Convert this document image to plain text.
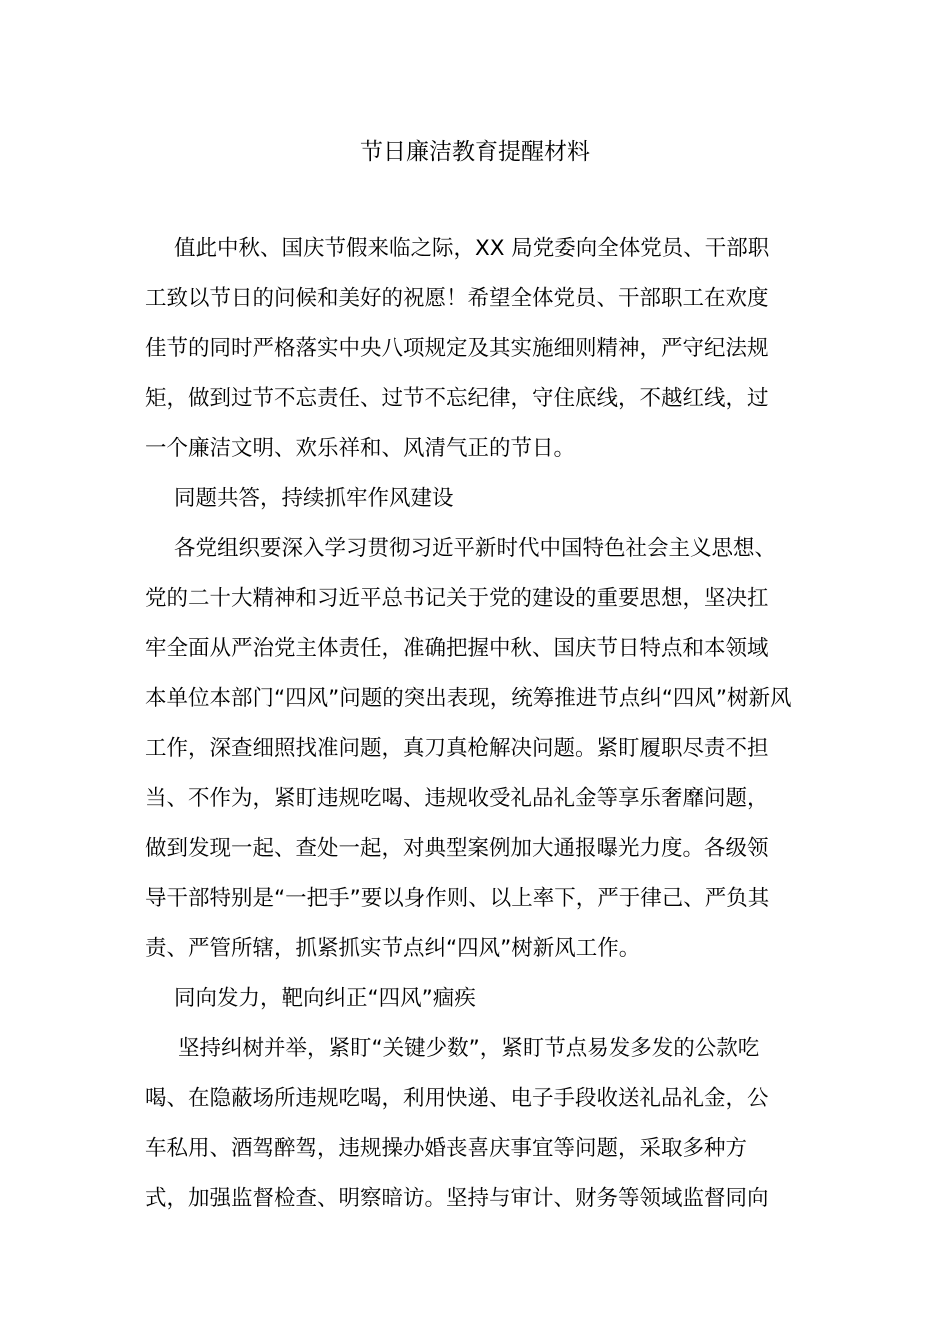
节日廉洁教育提醒材料
值此中秋、国庆节假来临之际，XX 局党委向全体党员、干部职
工致以节日的问候和美好的祝愿！希望全体党员、干部职工在欢度
佳节的同时严格落实中央八项规定及其实施细则精神，严守纪法规
矩，做到过节不忘责任、过节不忘纪律，守住底线，不越红线，过
一个廉洁文明、欢乐祥和、风清气正的节日。
同题共答，持续抓牢作风建设
各党组织要深入学习贯彻习近平新时代中国特色社会主义思想、
党的二十大精神和习近平总书记关于党的建设的重要思想，坚决扛
牢全面从严治党主体责任，准确把握中秋、国庆节日特点和本领域
本单位本部门“四风”问题的突出表现，统筹推进节点纠“四风”树新风
工作，深查细照找准问题，真刀真枪解决问题。紧盯履职尽责不担
当、不作为，紧盯违规吃喝、违规收受礼品礼金等享乐奢靡问题，
做到发现一起、查处一起，对典型案例加大通报曝光力度。各级领
导干部特别是“一把手”要以身作则、以上率下，严于律己、严负其
责、严管所辖，抓紧抓实节点纠“四风”树新风工作。
同向发力，靶向纠正“四风”痼疾
坚持纠树并举，紧盯“关键少数”，紧盯节点易发多发的公款吃
喝、在隐蔽场所违规吃喝，利用快递、电子手段收送礼品礼金，公
车私用、酒驾醉驾，违规操办婚丧喜庆事宜等问题，采取多种方
式，加强监督检查、明察暗访。坚持与审计、财务等领域监督同向
